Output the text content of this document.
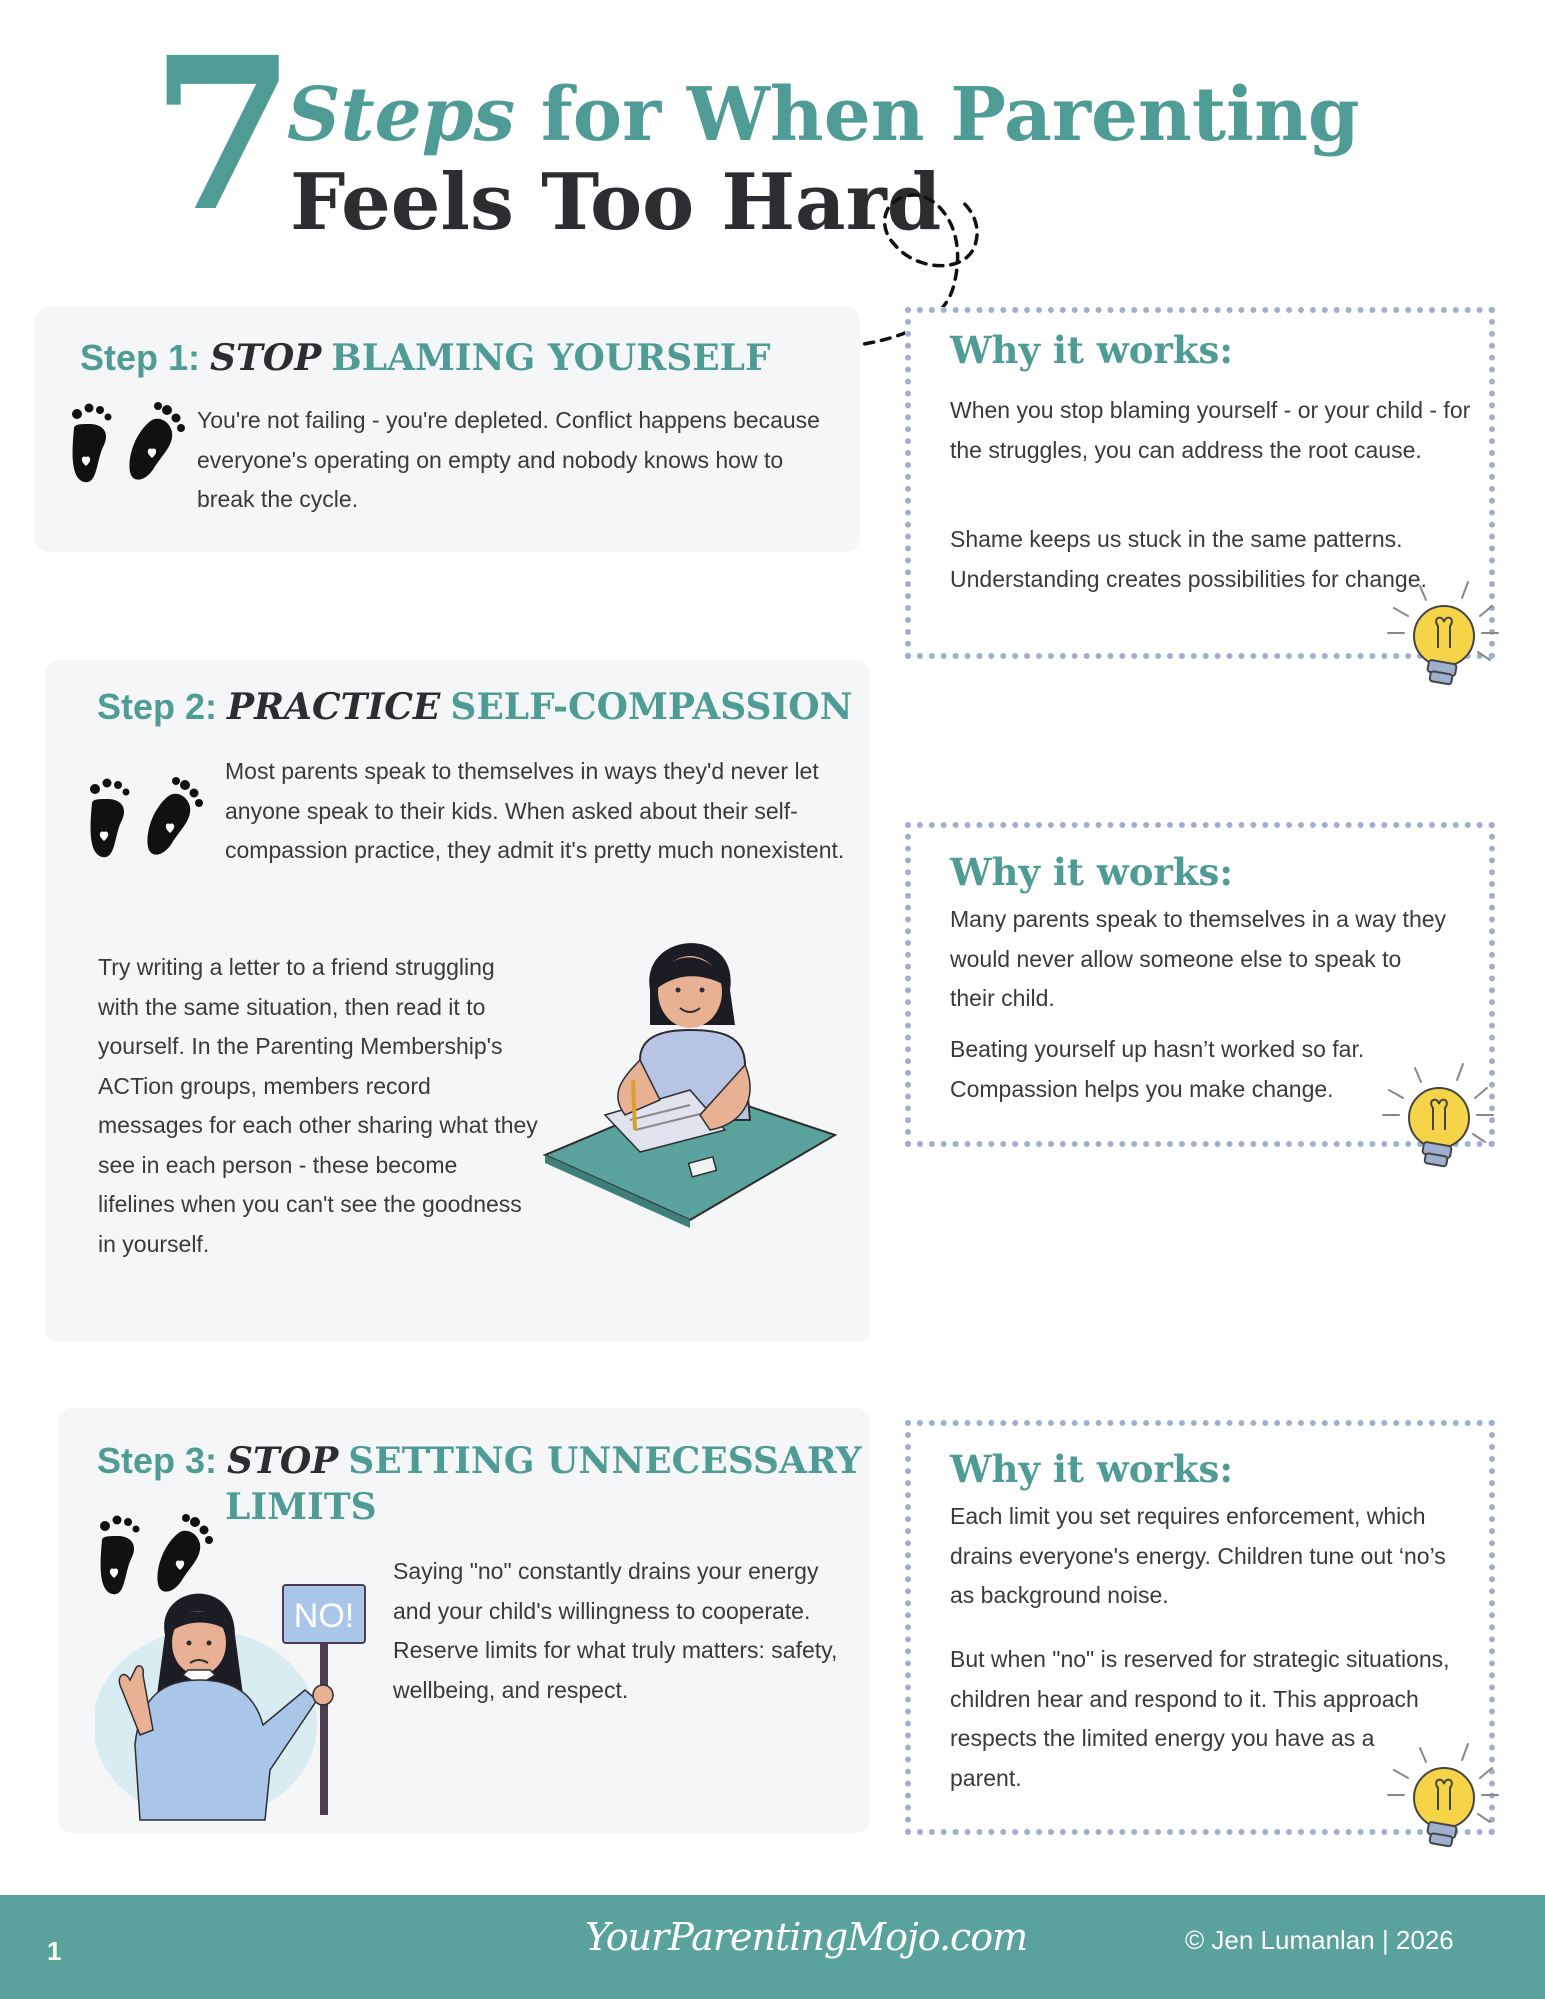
7
Steps for When Parenting
Feels Too Hard
Step 1: STOP BLAMING YOURSELF
You're not failing - you're depleted. Conflict happens because everyone's operating on empty and nobody knows how to break the cycle.
Why it works:
When you stop blaming yourself - or your child - for the struggles, you can address the root cause.
Shame keeps us stuck in the same patterns. Understanding creates possibilities for change.
Step 2: PRACTICE SELF-COMPASSION
Most parents speak to themselves in ways they'd never let anyone speak to their kids. When asked about their self-compassion practice, they admit it's pretty much nonexistent.
Try writing a letter to a friend struggling with the same situation, then read it to yourself. In the Parenting Membership's ACTion groups, members record messages for each other sharing what they see in each person - these become lifelines when you can't see the goodness in yourself.
Why it works:
Many parents speak to themselves in a way they would never allow someone else to speak to their child.
Beating yourself up hasn’t worked so far. Compassion helps you make change.
Step 3: STOP SETTING UNNECESSARY
LIMITS
Saying "no" constantly drains your energy and your child's willingness to cooperate. Reserve limits for what truly matters: safety, wellbeing, and respect.
NO!
Why it works:
Each limit you set requires enforcement, which drains everyone's energy. Children tune out ‘no’s as background noise.
But when "no" is reserved for strategic situations, children hear and respond to it. This approach respects the limited energy you have as a parent.
1	YourParentingMojo.com	© Jen Lumanlan | 2026
